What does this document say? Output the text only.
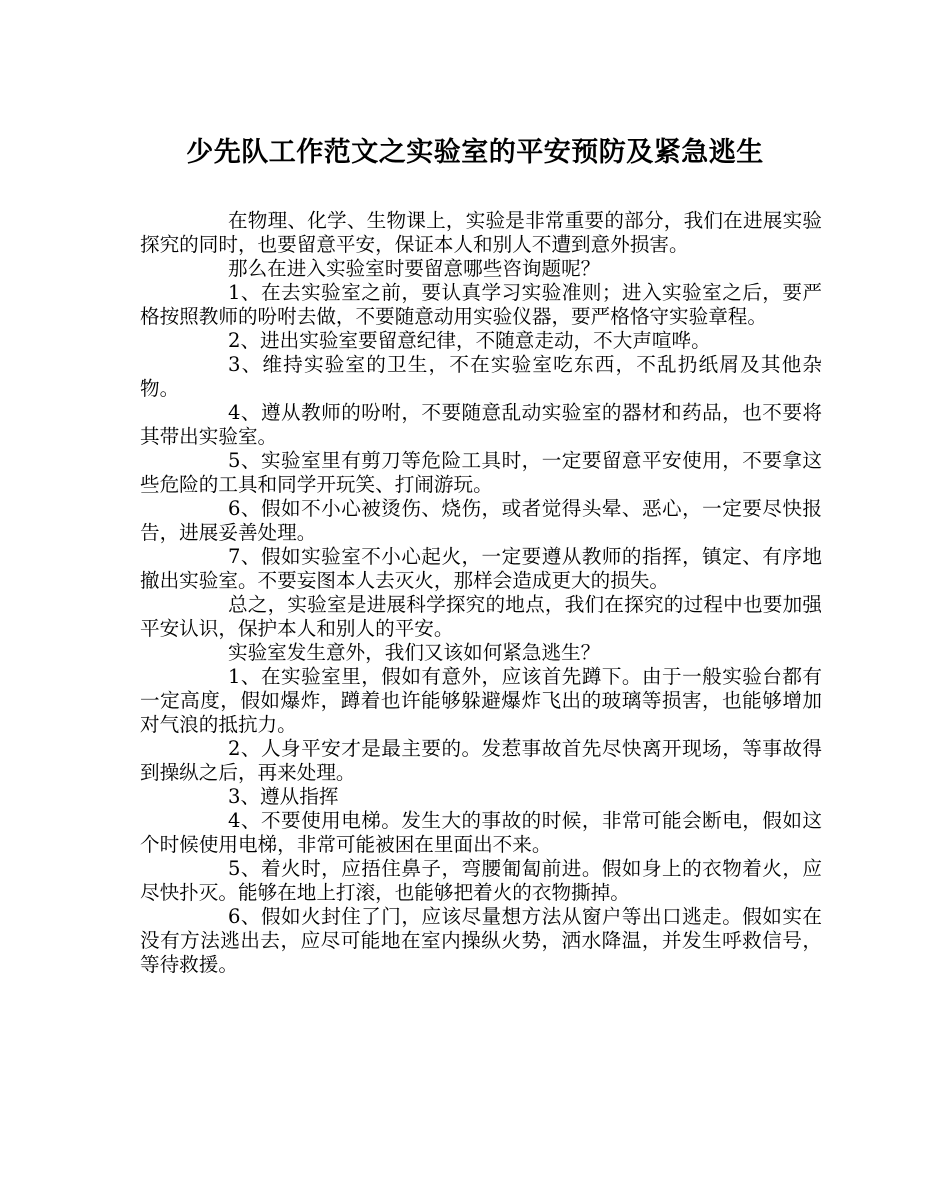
少先队工作范文之实验室的平安预防及紧急逃生

在物理、化学、生物课上，实验是非常重要的部分，我们在进展实验探究的同时，也要留意平安，保证本人和别人不遭到意外损害。

那么在进入实验室时要留意哪些咨询题呢？

1、在去实验室之前，要认真学习实验准则；进入实验室之后，要严格按照教师的吩咐去做，不要随意动用实验仪器，要严格恪守实验章程。

2、进出实验室要留意纪律，不随意走动，不大声喧哗。

3、维持实验室的卫生，不在实验室吃东西，不乱扔纸屑及其他杂物。

4、遵从教师的吩咐，不要随意乱动实验室的器材和药品，也不要将其带出实验室。

5、实验室里有剪刀等危险工具时，一定要留意平安使用，不要拿这些危险的工具和同学开玩笑、打闹游玩。

6、假如不小心被烫伤、烧伤，或者觉得头晕、恶心，一定要尽快报告，进展妥善处理。

7、假如实验室不小心起火，一定要遵从教师的指挥，镇定、有序地撤出实验室。不要妄图本人去灭火，那样会造成更大的损失。

总之，实验室是进展科学探究的地点，我们在探究的过程中也要加强平安认识，保护本人和别人的平安。

实验室发生意外，我们又该如何紧急逃生？

1、在实验室里，假如有意外，应该首先蹲下。由于一般实验台都有一定高度，假如爆炸，蹲着也许能够躲避爆炸飞出的玻璃等损害，也能够增加对气浪的抵抗力。

2、人身平安才是最主要的。发惹事故首先尽快离开现场，等事故得到操纵之后，再来处理。

3、遵从指挥

4、不要使用电梯。发生大的事故的时候，非常可能会断电，假如这个时候使用电梯，非常可能被困在里面出不来。

5、着火时，应捂住鼻子，弯腰匍匐前进。假如身上的衣物着火，应尽快扑灭。能够在地上打滚，也能够把着火的衣物撕掉。

6、假如火封住了门，应该尽量想方法从窗户等出口逃走。假如实在没有方法逃出去，应尽可能地在室内操纵火势，洒水降温，并发生呼救信号，等待救援。
